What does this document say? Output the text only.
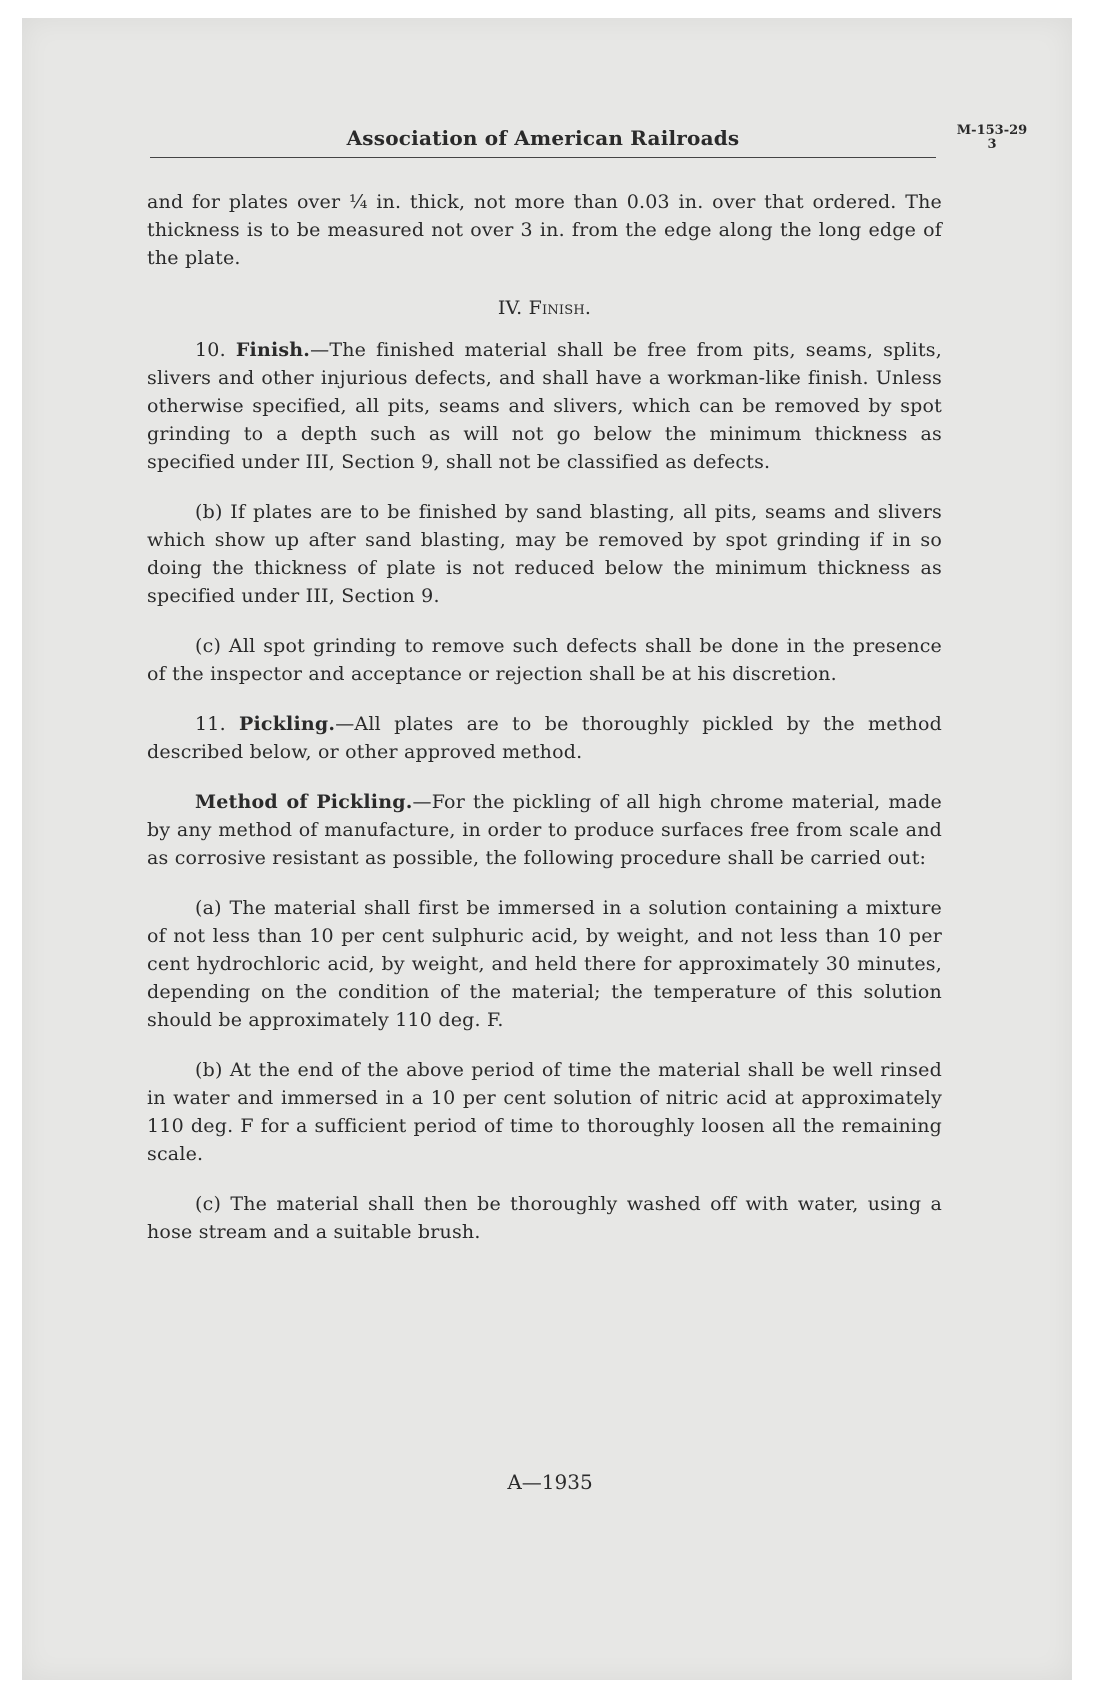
Association of American Railroads	M-153-29
3

and for plates over ¼ in. thick, not more than 0.03 in. over that ordered. The thickness is to be measured not over 3 in. from the edge along the long edge of the plate.

IV. Finish.

10. Finish.—The finished material shall be free from pits, seams, splits, slivers and other injurious defects, and shall have a workman-like finish. Unless otherwise specified, all pits, seams and slivers, which can be removed by spot grinding to a depth such as will not go below the minimum thickness as specified under III, Section 9, shall not be classified as defects.

(b) If plates are to be finished by sand blasting, all pits, seams and slivers which show up after sand blasting, may be removed by spot grinding if in so doing the thickness of plate is not reduced below the minimum thickness as specified under III, Section 9.

(c) All spot grinding to remove such defects shall be done in the presence of the inspector and acceptance or rejection shall be at his discretion.

11. Pickling.—All plates are to be thoroughly pickled by the method described below, or other approved method.

Method of Pickling.—For the pickling of all high chrome material, made by any method of manufacture, in order to produce surfaces free from scale and as corrosive resistant as possible, the following procedure shall be carried out:

(a) The material shall first be immersed in a solution containing a mixture of not less than 10 per cent sulphuric acid, by weight, and not less than 10 per cent hydrochloric acid, by weight, and held there for approximately 30 minutes, depending on the condition of the material; the temperature of this solution should be approximately 110 deg. F.

(b) At the end of the above period of time the material shall be well rinsed in water and immersed in a 10 per cent solution of nitric acid at approximately 110 deg. F for a sufficient period of time to thoroughly loosen all the remaining scale.

(c) The material shall then be thoroughly washed off with water, using a hose stream and a suitable brush.

A—1935
